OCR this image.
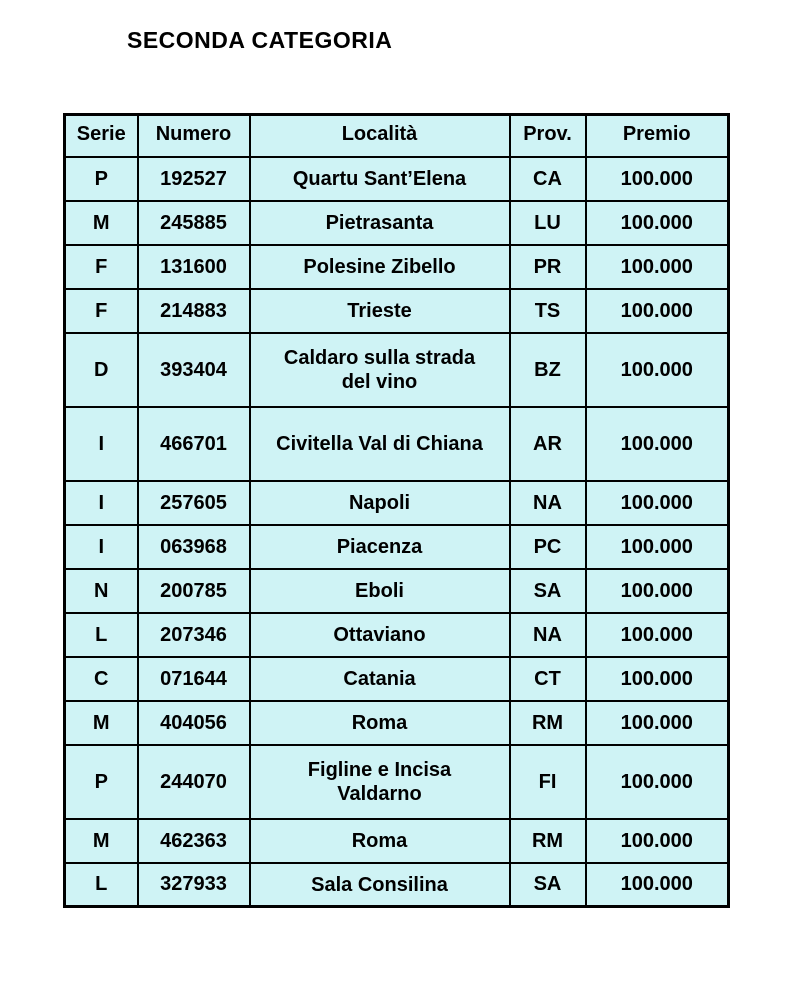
SECONDA CATEGORIA
Serie	Numero	Località	Prov.	Premio
P	192527	Quartu Sant’Elena	CA	100.000
M	245885	Pietrasanta	LU	100.000
F	131600	Polesine Zibello	PR	100.000
F	214883	Trieste	TS	100.000
D	393404	Caldaro sulla strada del vino	BZ	100.000
I	466701	Civitella Val di Chiana	AR	100.000
I	257605	Napoli	NA	100.000
I	063968	Piacenza	PC	100.000
N	200785	Eboli	SA	100.000
L	207346	Ottaviano	NA	100.000
C	071644	Catania	CT	100.000
M	404056	Roma	RM	100.000
P	244070	Figline e Incisa Valdarno	FI	100.000
M	462363	Roma	RM	100.000
L	327933	Sala Consilina	SA	100.000
